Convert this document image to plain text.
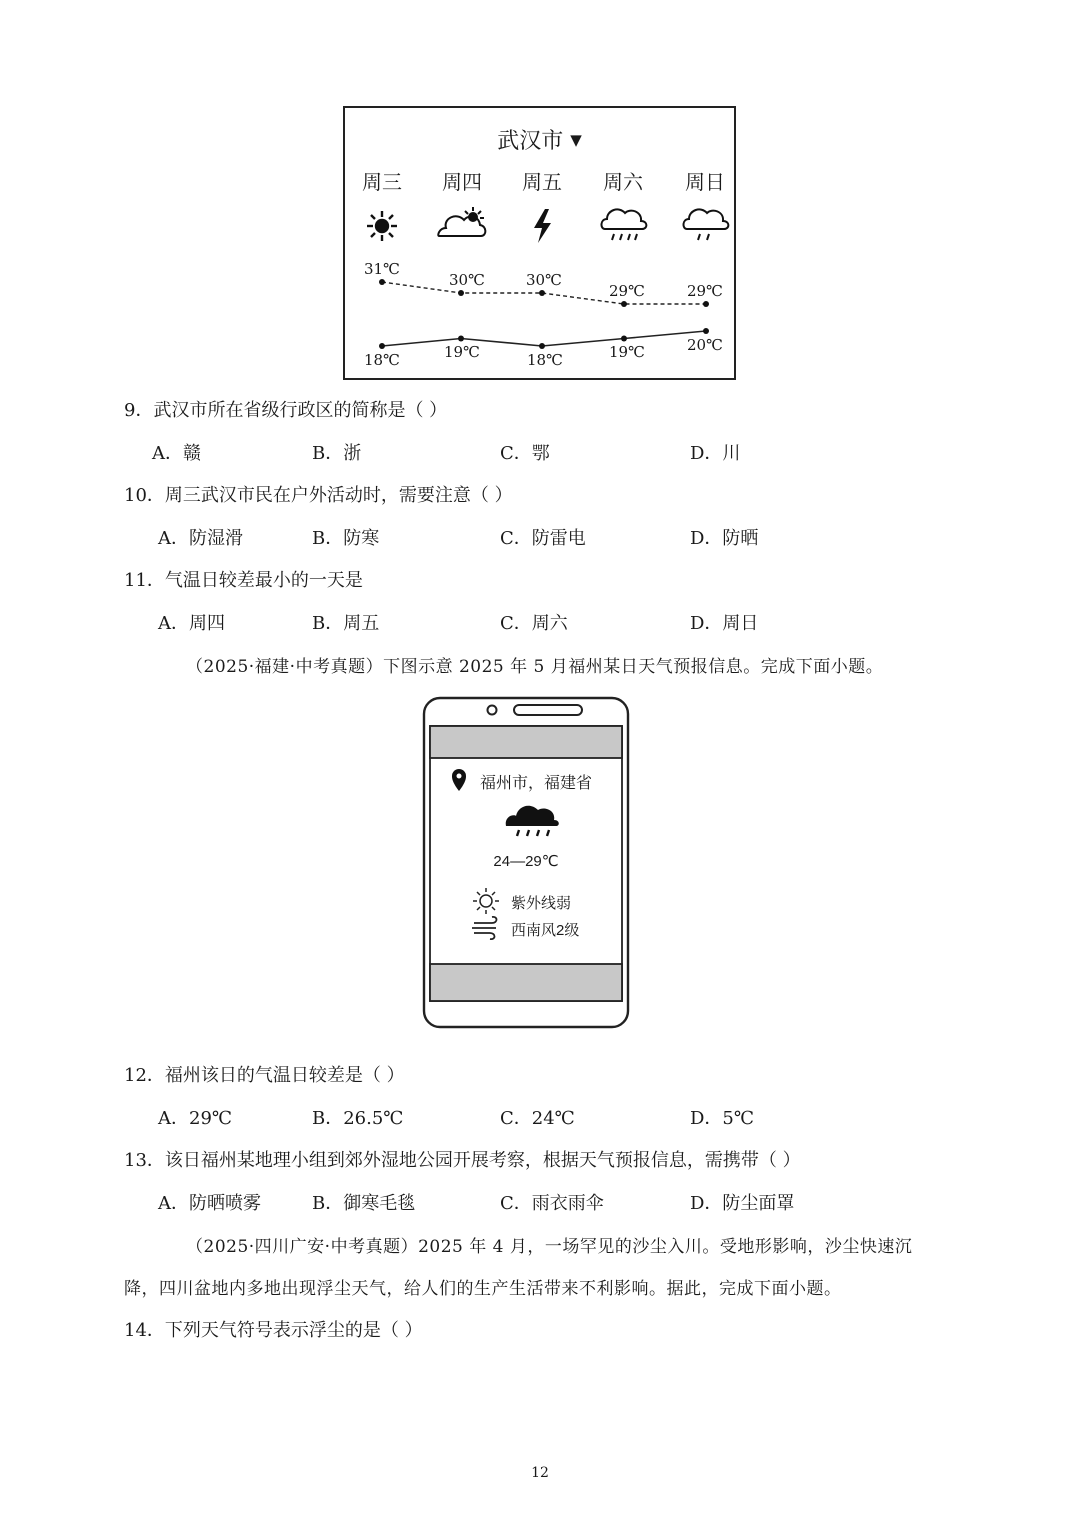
武汉市 ▼
周三	周四	周五	周六	周日
31℃
30℃	30℃
29℃	29℃
18℃	19℃	18℃	19℃	20℃
9．武汉市所在省级行政区的简称是（ ）
A．赣	B．浙	C．鄂	D．川
10．周三武汉市民在户外活动时，需要注意（ ）
A．防湿滑	B．防寒	C．防雷电	D．防晒
11．气温日较差最小的一天是
A．周四	B．周五	C．周六	D．周日
（2025·福建·中考真题）下图示意 2025 年 5 月福州某日天气预报信息。完成下面小题。
福州市，福建省
24—29℃
紫外线弱
西南风2级
12．福州该日的气温日较差是（ ）
A．29℃	B．26.5℃	C．24℃	D．5℃
13．该日福州某地理小组到郊外湿地公园开展考察，根据天气预报信息，需携带（ ）
A．防晒喷雾	B．御寒毛毯	C．雨衣雨伞	D．防尘面罩
（2025·四川广安·中考真题）2025 年 4 月，一场罕见的沙尘入川。受地形影响，沙尘快速沉
降，四川盆地内多地出现浮尘天气，给人们的生产生活带来不利影响。据此，完成下面小题。
14．下列天气符号表示浮尘的是（ ）
12
